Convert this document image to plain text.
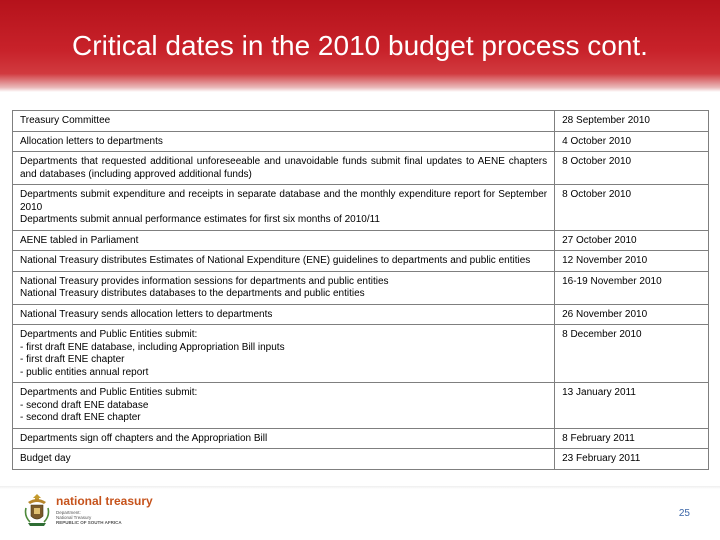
Critical dates in the 2010 budget process cont.
Treasury Committee	28 September 2010

Allocation letters to departments	4 October 2010

Departments that requested additional unforeseeable and unavoidable funds submit final updates to AENE chapters and databases (including approved additional funds)	8 October 2010

Departments submit expenditure and receipts in separate database and the monthly expenditure report for September 2010
Departments submit annual performance estimates for first six months of 2010/11	8 October 2010

AENE tabled in Parliament	27 October 2010

National Treasury distributes Estimates of National Expenditure (ENE) guidelines to departments and public entities	12 November 2010

National Treasury provides information sessions for departments and public entities
National Treasury distributes databases to the departments and public entities	16-19 November 2010

National Treasury sends allocation letters to departments	26 November 2010

Departments and Public Entities submit:
- first draft ENE database, including Appropriation Bill inputs
- first draft ENE chapter
- public entities annual report	8 December 2010

Departments and Public Entities submit:
- second draft ENE database
- second draft ENE chapter	13 January 2011

Departments sign off chapters and the Appropriation Bill	8 February 2011

Budget day	23 February 2011
national treasury
Department:
National Treasury
REPUBLIC OF SOUTH AFRICA
25
